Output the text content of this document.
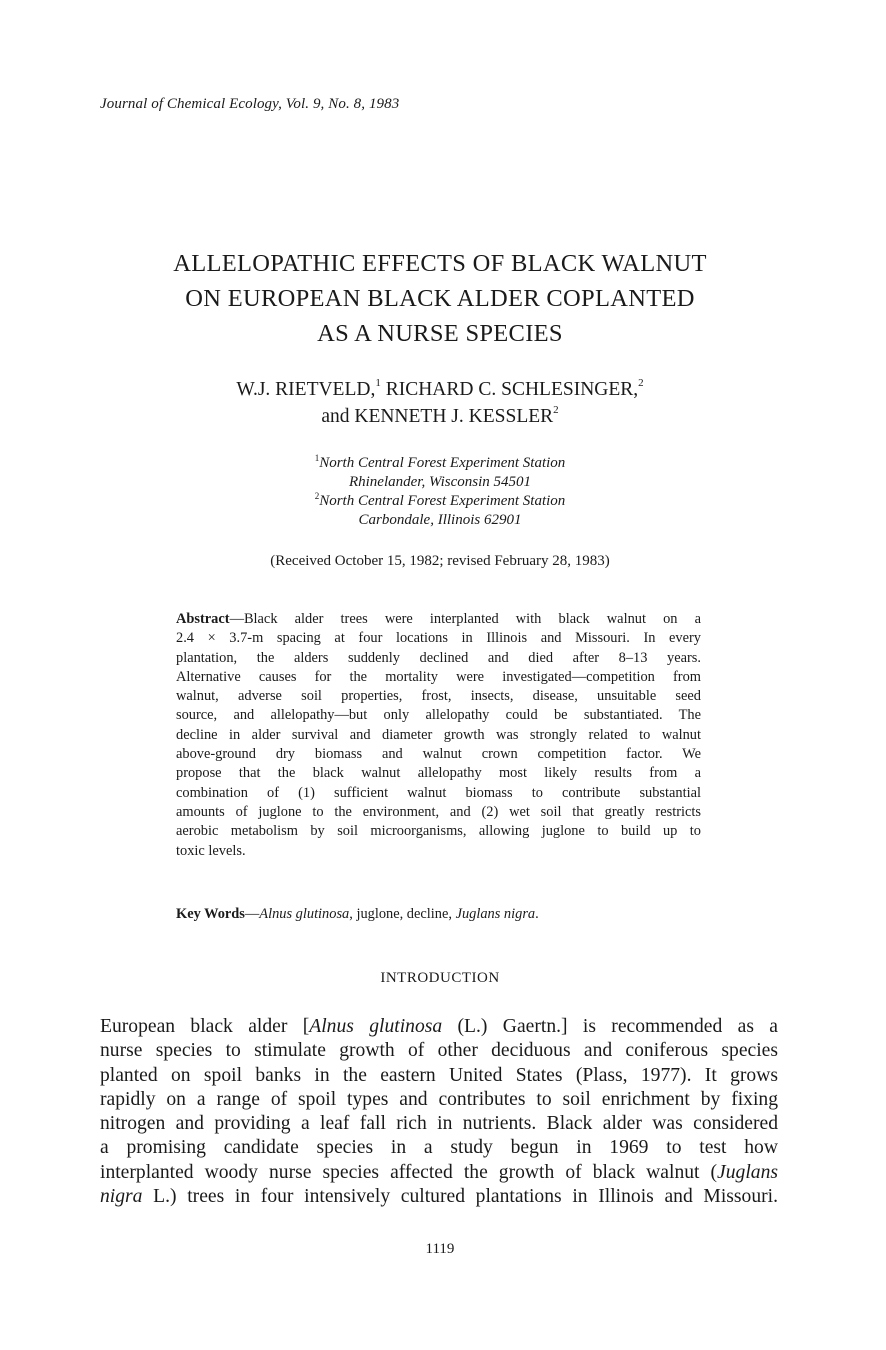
Journal of Chemical Ecology, Vol. 9, No. 8, 1983
ALLELOPATHIC EFFECTS OF BLACK WALNUT
ON EUROPEAN BLACK ALDER COPLANTED
AS A NURSE SPECIES
W.J. RIETVELD,$^1$ RICHARD C. SCHLESINGER,$^2$
and KENNETH J. KESSLER$^2$
$^1$North Central Forest Experiment Station
Rhinelander, Wisconsin 54501
$^2$North Central Forest Experiment Station
Carbondale, Illinois 62901
(Received October 15, 1982; revised February 28, 1983)
Abstract—Black alder trees were interplanted with black walnut on a
2.4 × 3.7-m spacing at four locations in Illinois and Missouri. In every
plantation, the alders suddenly declined and died after 8–13 years.
Alternative causes for the mortality were investigated—competition from
walnut, adverse soil properties, frost, insects, disease, unsuitable seed
source, and allelopathy—but only allelopathy could be substantiated. The
decline in alder survival and diameter growth was strongly related to walnut
above-ground dry biomass and walnut crown competition factor. We
propose that the black walnut allelopathy most likely results from a
combination of (1) sufficient walnut biomass to contribute substantial
amounts of juglone to the environment, and (2) wet soil that greatly restricts
aerobic metabolism by soil microorganisms, allowing juglone to build up to
toxic levels.
Key Words—Alnus glutinosa, juglone, decline, Juglans nigra.
INTRODUCTION
European black alder [Alnus glutinosa (L.) Gaertn.] is recommended as a
nurse species to stimulate growth of other deciduous and coniferous species
planted on spoil banks in the eastern United States (Plass, 1977). It grows
rapidly on a range of spoil types and contributes to soil enrichment by fixing
nitrogen and providing a leaf fall rich in nutrients. Black alder was considered
a promising candidate species in a study begun in 1969 to test how
interplanted woody nurse species affected the growth of black walnut (Juglans
nigra L.) trees in four intensively cultured plantations in Illinois and Missouri.
1119
